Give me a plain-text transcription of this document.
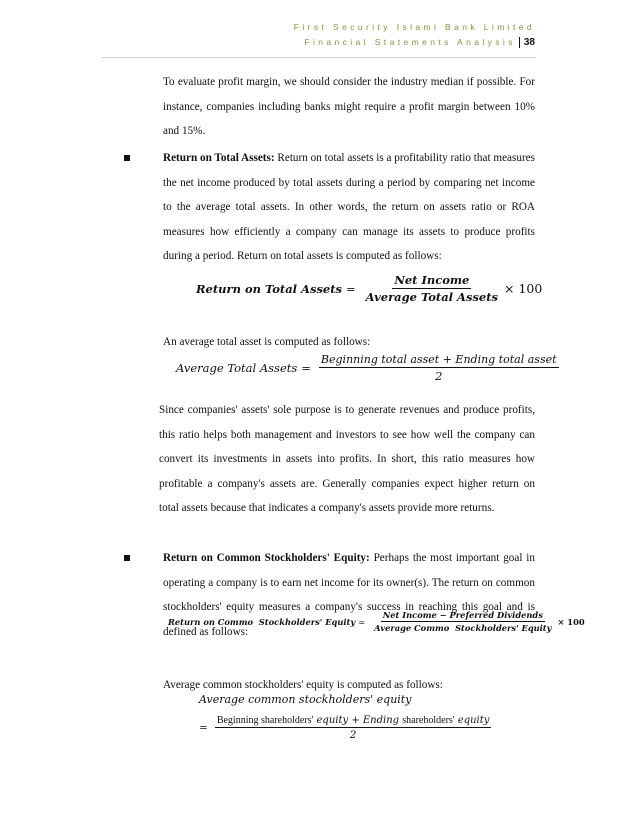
First Security Islami Bank Limited
Financial Statements Analysis 38
To evaluate profit margin, we should consider the industry median if possible. For instance, companies including banks might require a profit margin between 10% and 15%.
Return on Total Assets: Return on total assets is a profitability ratio that measures the net income produced by total assets during a period by comparing net income to the average total assets. In other words, the return on assets ratio or ROA measures how efficiently a company can manage its assets to produce profits during a period. Return on total assets is computed as follows:
Return on Total Assets = $\frac{\text{Net Income}}{\text{Average Total Assets}} \times 100$
An average total asset is computed as follows:
Average Total Assets = $\frac{\text{Beginning total asset + Ending total asset}}{2}$
Since companies' assets' sole purpose is to generate revenues and produce profits, this ratio helps both management and investors to see how well the company can convert its investments in assets into profits. In short, this ratio measures how profitable a company's assets are. Generally companies expect higher return on total assets because that indicates a company's assets provide more returns.
Return on Common Stockholders' Equity: Perhaps the most important goal in operating a company is to earn net income for its owner(s). The return on common stockholders' equity measures a company's success in reaching this goal and is defined as follows:
Return on Commo  Stockholders' Equity = $\frac{\text{Net Income − Preferred Dividends}}{\text{Average Commo  Stockholders' Equity}} \times 100$
Average common stockholders' equity is computed as follows:
Average common stockholders' equity
=
Beginning shareholders' equity + Ending shareholders' equity
2
